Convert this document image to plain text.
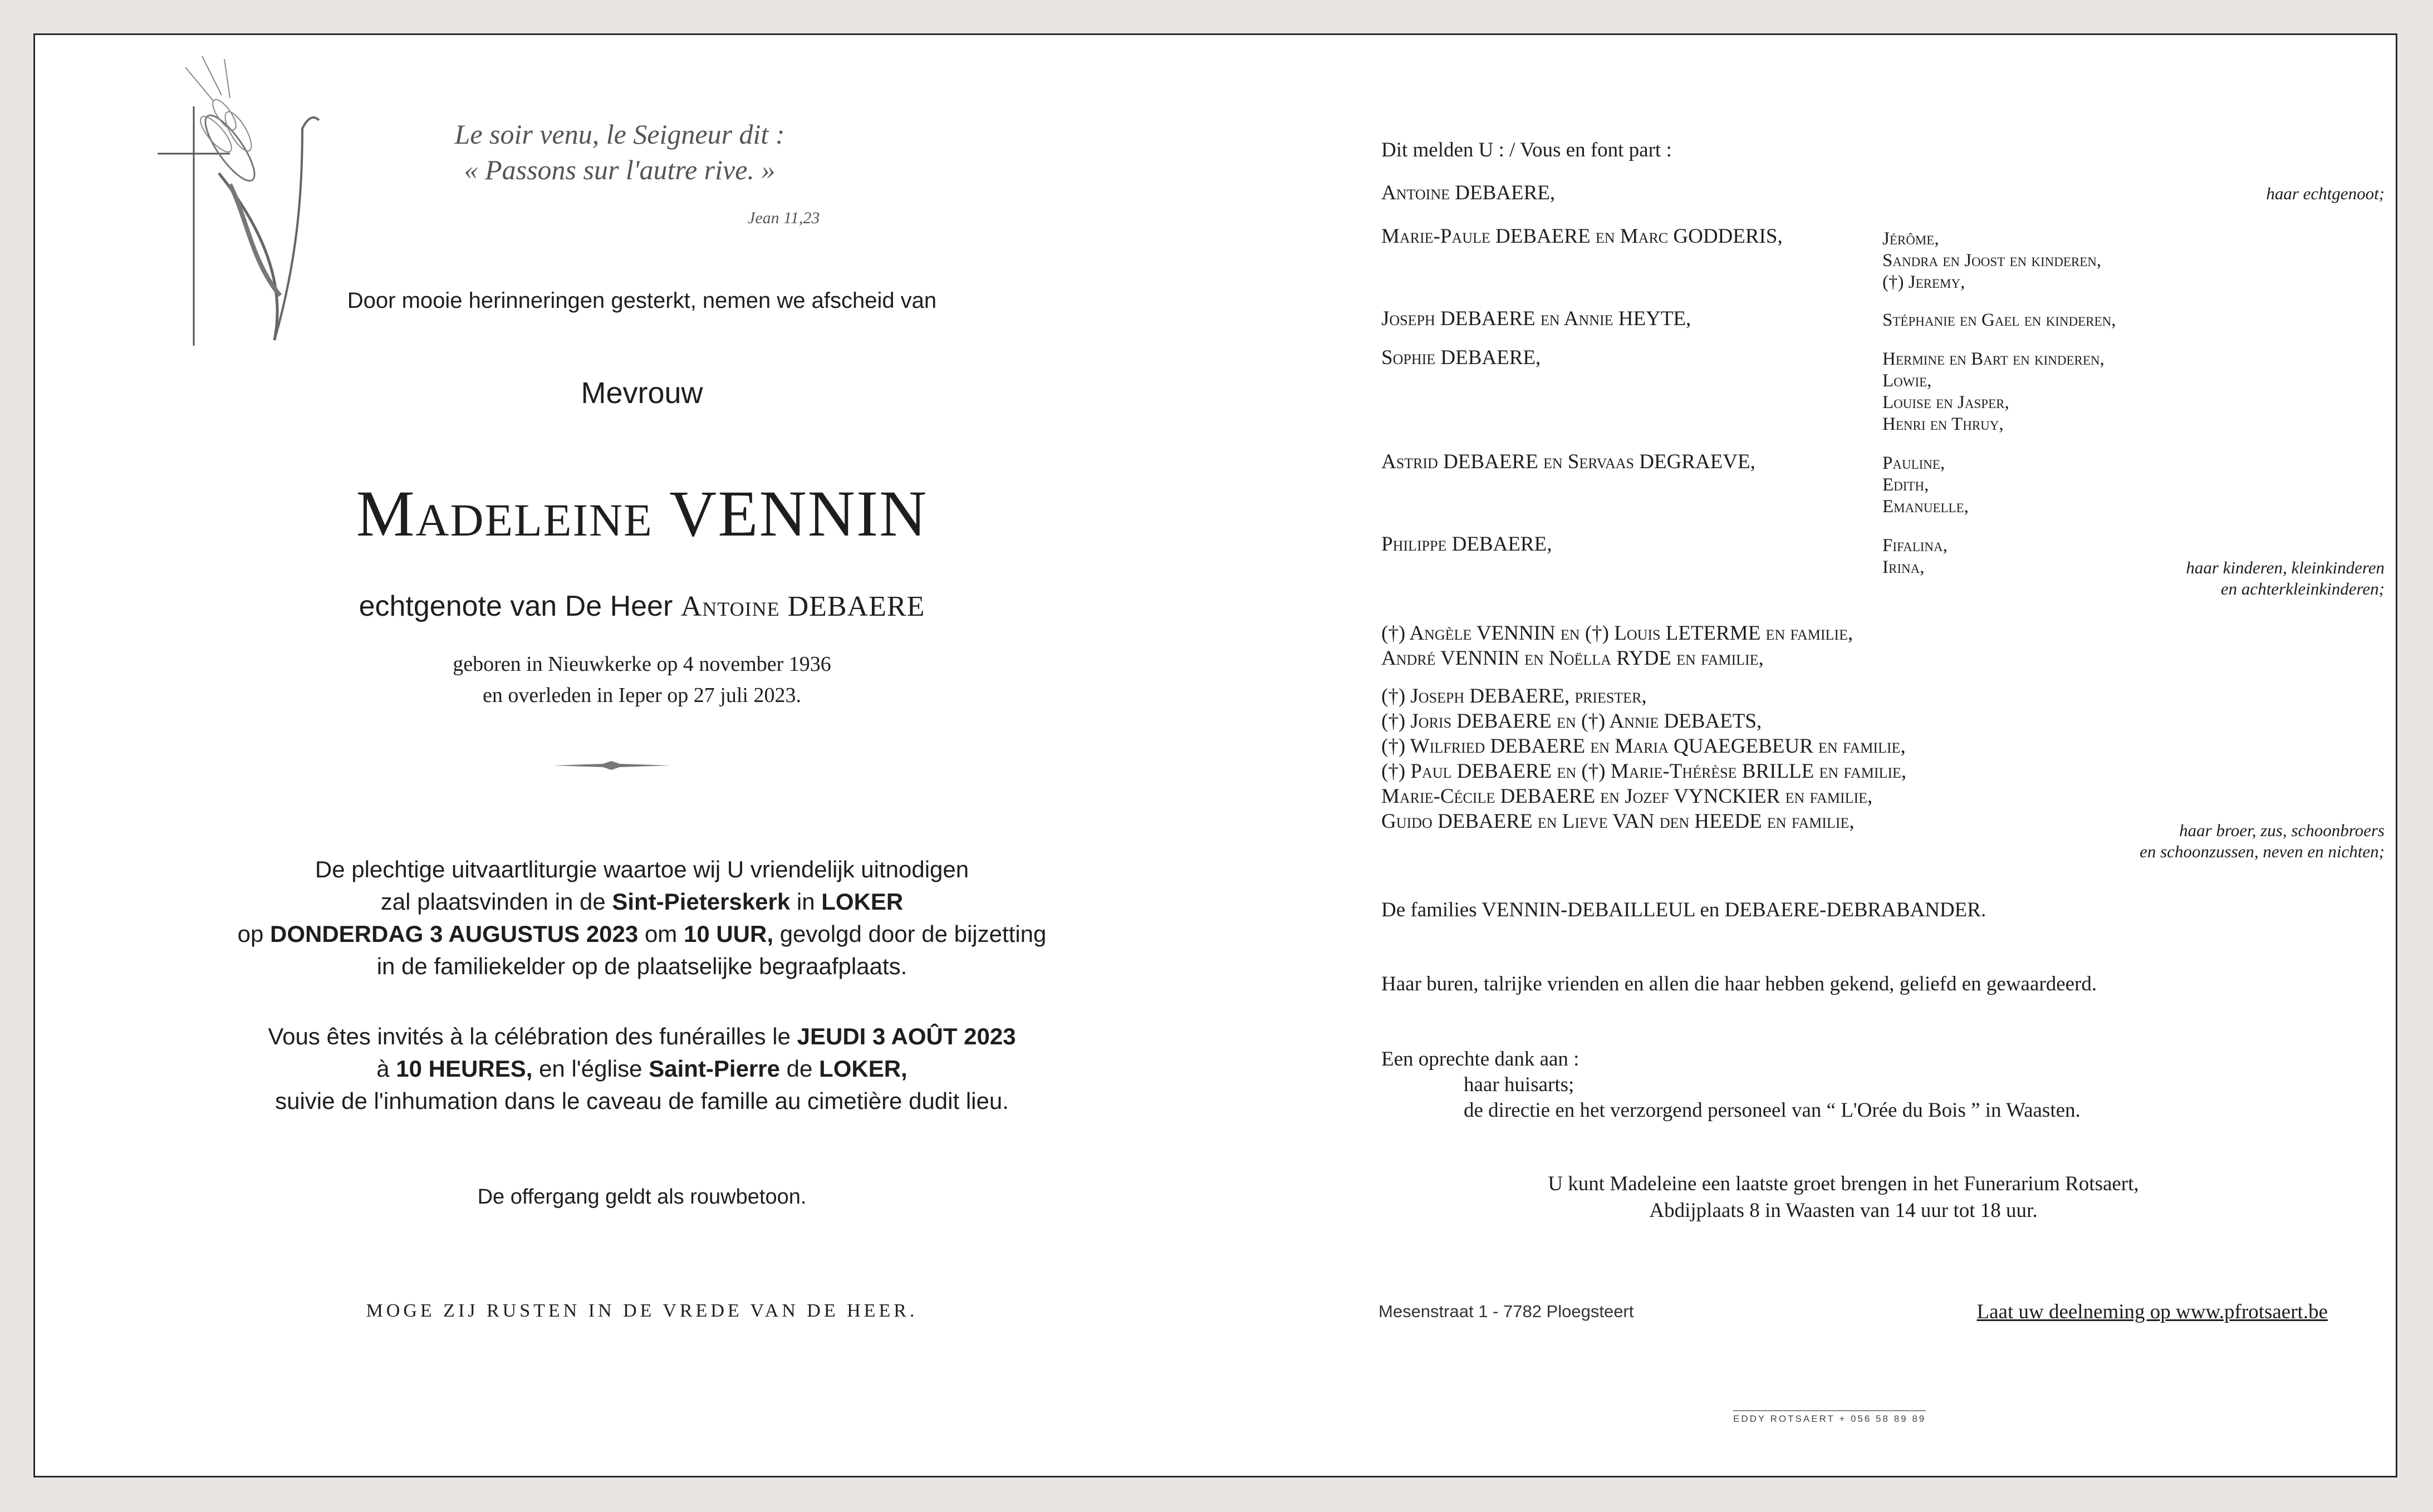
Le soir venu, le Seigneur dit :
« Passons sur l'autre rive. »
Jean 11,23
Door mooie herinneringen gesterkt, nemen we afscheid van
Mevrouw
Madeleine VENNIN
echtgenote van De Heer Antoine DEBAERE
geboren in Nieuwkerke op 4 november 1936
en overleden in Ieper op 27 juli 2023.
De plechtige uitvaartliturgie waartoe wij U vriendelijk uitnodigen
zal plaatsvinden in de Sint-Pieterskerk in LOKER
op DONDERDAG 3 AUGUSTUS 2023 om 10 UUR, gevolgd door de bijzetting
in de familiekelder op de plaatselijke begraafplaats.
Vous êtes invités à la célébration des funérailles le JEUDI 3 AOÛT 2023
à 10 HEURES, en l'église Saint-Pierre de LOKER,
suivie de l'inhumation dans le caveau de famille au cimetière dudit lieu.
De offergang geldt als rouwbetoon.
MOGE ZIJ RUSTEN IN DE VREDE VAN DE HEER.
Dit melden U : / Vous en font part :
Antoine DEBAERE,	haar echtgenoot;
Marie-Paule DEBAERE en Marc GODDERIS,	Jérôme,
Sandra en Joost en kinderen,
(†) Jeremy,
Joseph DEBAERE en Annie HEYTE,	Stéphanie en Gael en kinderen,
Sophie DEBAERE,	Hermine en Bart en kinderen,
Lowie,
Louise en Jasper,
Henri en Thruy,
Astrid DEBAERE en Servaas DEGRAEVE,	Pauline,
Edith,
Emanuelle,
Philippe DEBAERE,	Fifalina,
Irina,	haar kinderen, kleinkinderen
en achterkleinkinderen;
(†) Angèle VENNIN en (†) Louis LETERME en familie,
André VENNIN en Noëlla RYDE en familie,
(†) Joseph DEBAERE, priester,
(†) Joris DEBAERE en (†) Annie DEBAETS,
(†) Wilfried DEBAERE en Maria QUAEGEBEUR en familie,
(†) Paul DEBAERE en (†) Marie-Thérèse BRILLE en familie,
Marie-Cécile DEBAERE en Jozef VYNCKIER en familie,
Guido DEBAERE en Lieve VAN den HEEDE en familie,	haar broer, zus, schoonbroers
en schoonzussen, neven en nichten;
De families VENNIN-DEBAILLEUL en DEBAERE-DEBRABANDER.
Haar buren, talrijke vrienden en allen die haar hebben gekend, geliefd en gewaardeerd.
Een oprechte dank aan :
haar huisarts;
de directie en het verzorgend personeel van “ L'Orée du Bois ” in Waasten.
U kunt Madeleine een laatste groet brengen in het Funerarium Rotsaert,
Abdijplaats 8 in Waasten van 14 uur tot 18 uur.
Mesenstraat 1 - 7782 Ploegsteert	Laat uw deelneming op www.pfrotsaert.be
EDDY ROTSAERT + 056 58 89 89
